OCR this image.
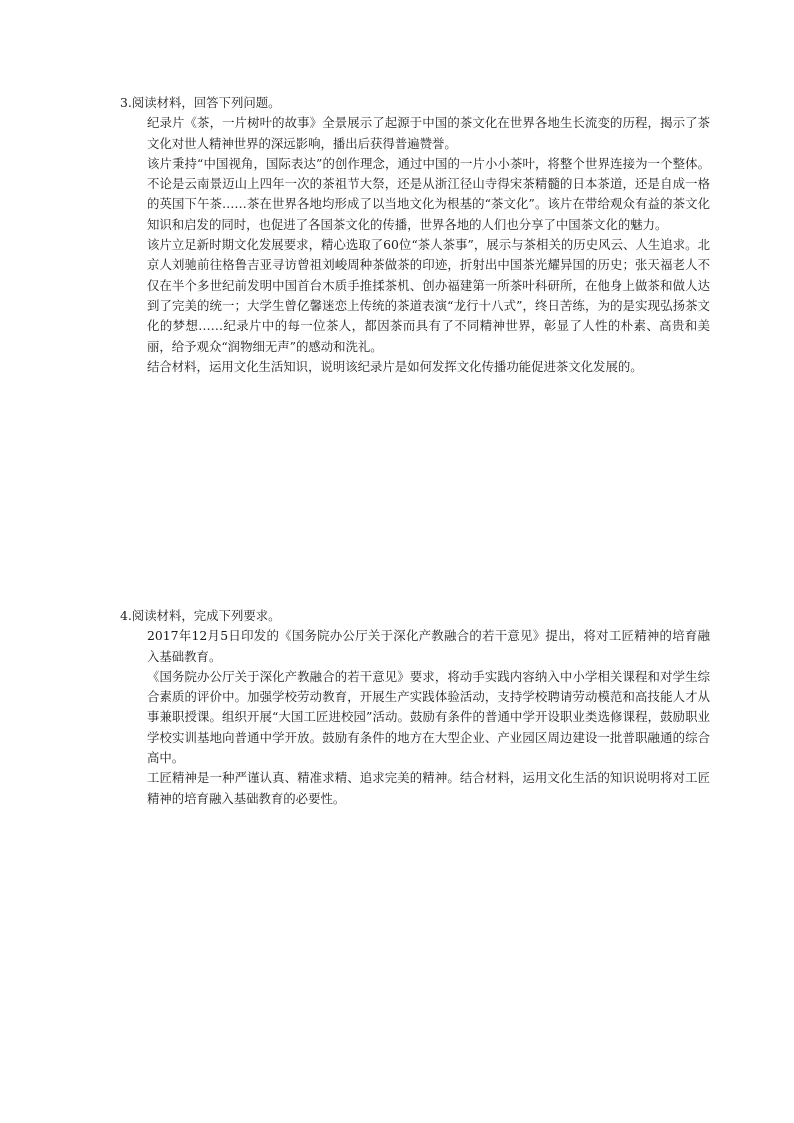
3.阅读材料，回答下列问题。

纪录片《茶，一片树叶的故事》全景展示了起源于中国的茶文化在世界各地生长流变的历程，揭示了茶文化对世人精神世界的深远影响，播出后获得普遍赞誉。

该片秉持“中国视角，国际表达”的创作理念，通过中国的一片小小茶叶，将整个世界连接为一个整体。不论是云南景迈山上四年一次的茶祖节大祭，还是从浙江径山寺得宋茶精髓的日本茶道，还是自成一格的英国下午茶……茶在世界各地均形成了以当地文化为根基的“茶文化”。该片在带给观众有益的茶文化知识和启发的同时，也促进了各国茶文化的传播，世界各地的人们也分享了中国茶文化的魅力。

该片立足新时期文化发展要求，精心选取了60位“茶人茶事”，展示与茶相关的历史风云、人生追求。北京人刘驰前往格鲁吉亚寻访曾祖刘峻周种茶做茶的印迹，折射出中国茶光耀异国的历史；张天福老人不仅在半个多世纪前发明中国首台木质手推揉茶机、创办福建第一所茶叶科研所，在他身上做茶和做人达到了完美的统一；大学生曾亿馨迷恋上传统的茶道表演“龙行十八式”，终日苦练，为的是实现弘扬茶文化的梦想……纪录片中的每一位茶人，都因茶而具有了不同精神世界，彰显了人性的朴素、高贵和美丽，给予观众“润物细无声”的感动和洗礼。

结合材料，运用文化生活知识，说明该纪录片是如何发挥文化传播功能促进茶文化发展的。

4.阅读材料，完成下列要求。

2017年12月5日印发的《国务院办公厅关于深化产教融合的若干意见》提出，将对工匠精神的培育融入基础教育。

《国务院办公厅关于深化产教融合的若干意见》要求，将动手实践内容纳入中小学相关课程和对学生综合素质的评价中。加强学校劳动教育，开展生产实践体验活动，支持学校聘请劳动模范和高技能人才从事兼职授课。组织开展“大国工匠进校园”活动。鼓励有条件的普通中学开设职业类选修课程，鼓励职业学校实训基地向普通中学开放。鼓励有条件的地方在大型企业、产业园区周边建设一批普职融通的综合高中。

工匠精神是一种严谨认真、精准求精、追求完美的精神。结合材料，运用文化生活的知识说明将对工匠精神的培育融入基础教育的必要性。
